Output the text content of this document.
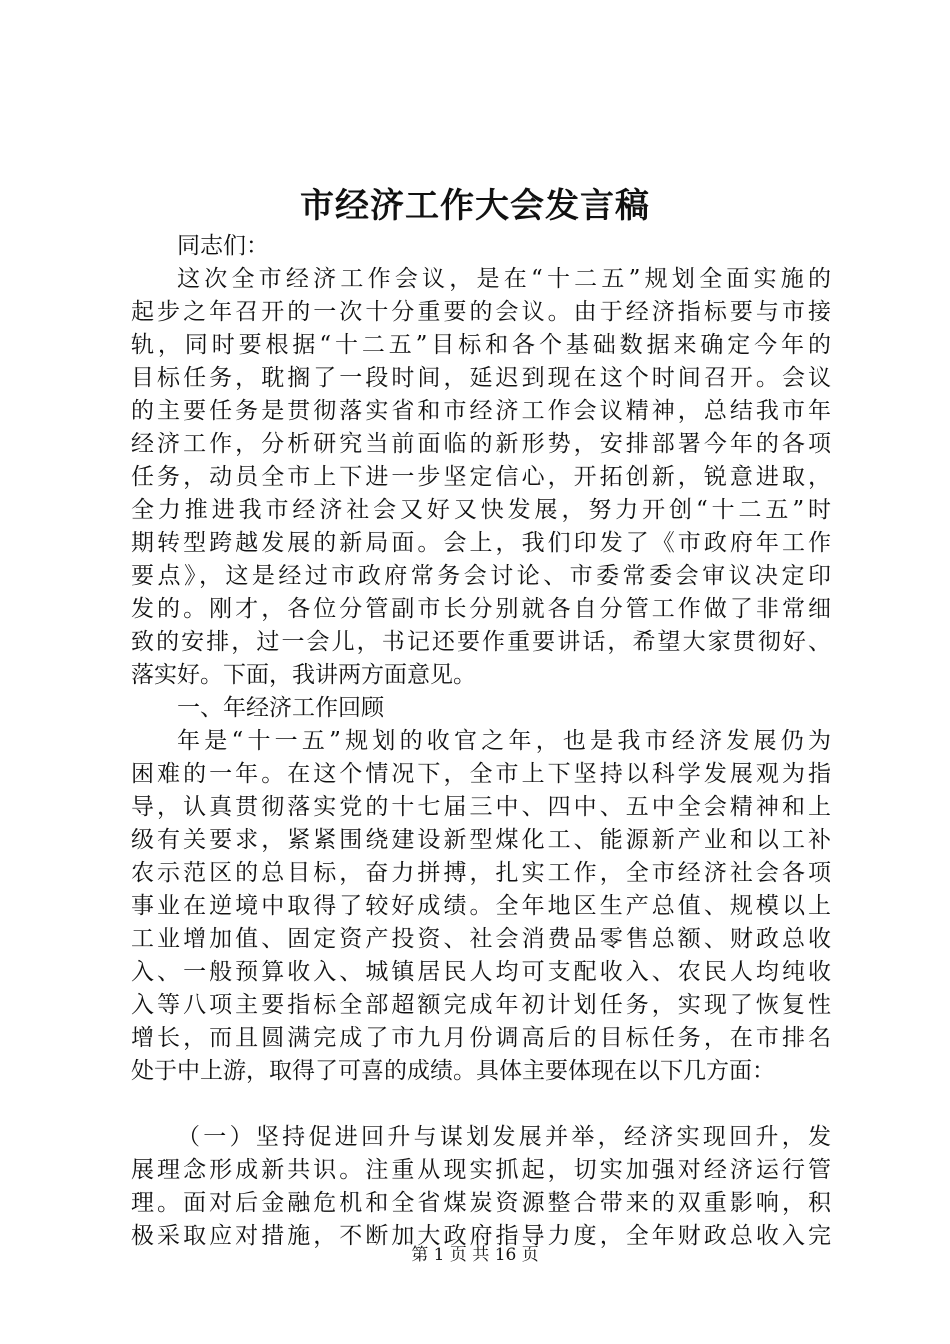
市经济工作大会发言稿
同志们：
这次全市经济工作会议，是在“十二五”规划全面实施的
起步之年召开的一次十分重要的会议。由于经济指标要与市接
轨，同时要根据“十二五”目标和各个基础数据来确定今年的
目标任务，耽搁了一段时间，延迟到现在这个时间召开。会议
的主要任务是贯彻落实省和市经济工作会议精神，总结我市年
经济工作，分析研究当前面临的新形势，安排部署今年的各项
任务，动员全市上下进一步坚定信心，开拓创新，锐意进取，
全力推进我市经济社会又好又快发展，努力开创“十二五”时
期转型跨越发展的新局面。会上，我们印发了《市政府年工作
要点》，这是经过市政府常务会讨论、市委常委会审议决定印
发的。刚才，各位分管副市长分别就各自分管工作做了非常细
致的安排，过一会儿，书记还要作重要讲话，希望大家贯彻好、
落实好。下面，我讲两方面意见。
一、年经济工作回顾
年是“十一五”规划的收官之年，也是我市经济发展仍为
困难的一年。在这个情况下，全市上下坚持以科学发展观为指
导，认真贯彻落实党的十七届三中、四中、五中全会精神和上
级有关要求，紧紧围绕建设新型煤化工、能源新产业和以工补
农示范区的总目标，奋力拼搏，扎实工作，全市经济社会各项
事业在逆境中取得了较好成绩。全年地区生产总值、规模以上
工业增加值、固定资产投资、社会消费品零售总额、财政总收
入、一般预算收入、城镇居民人均可支配收入、农民人均纯收
入等八项主要指标全部超额完成年初计划任务，实现了恢复性
增长，而且圆满完成了市九月份调高后的目标任务，在市排名
处于中上游，取得了可喜的成绩。具体主要体现在以下几方面：
（一）坚持促进回升与谋划发展并举，经济实现回升，发
展理念形成新共识。注重从现实抓起，切实加强对经济运行管
理。面对后金融危机和全省煤炭资源整合带来的双重影响，积
极采取应对措施，不断加大政府指导力度，全年财政总收入完
第 1 页 共 16 页
